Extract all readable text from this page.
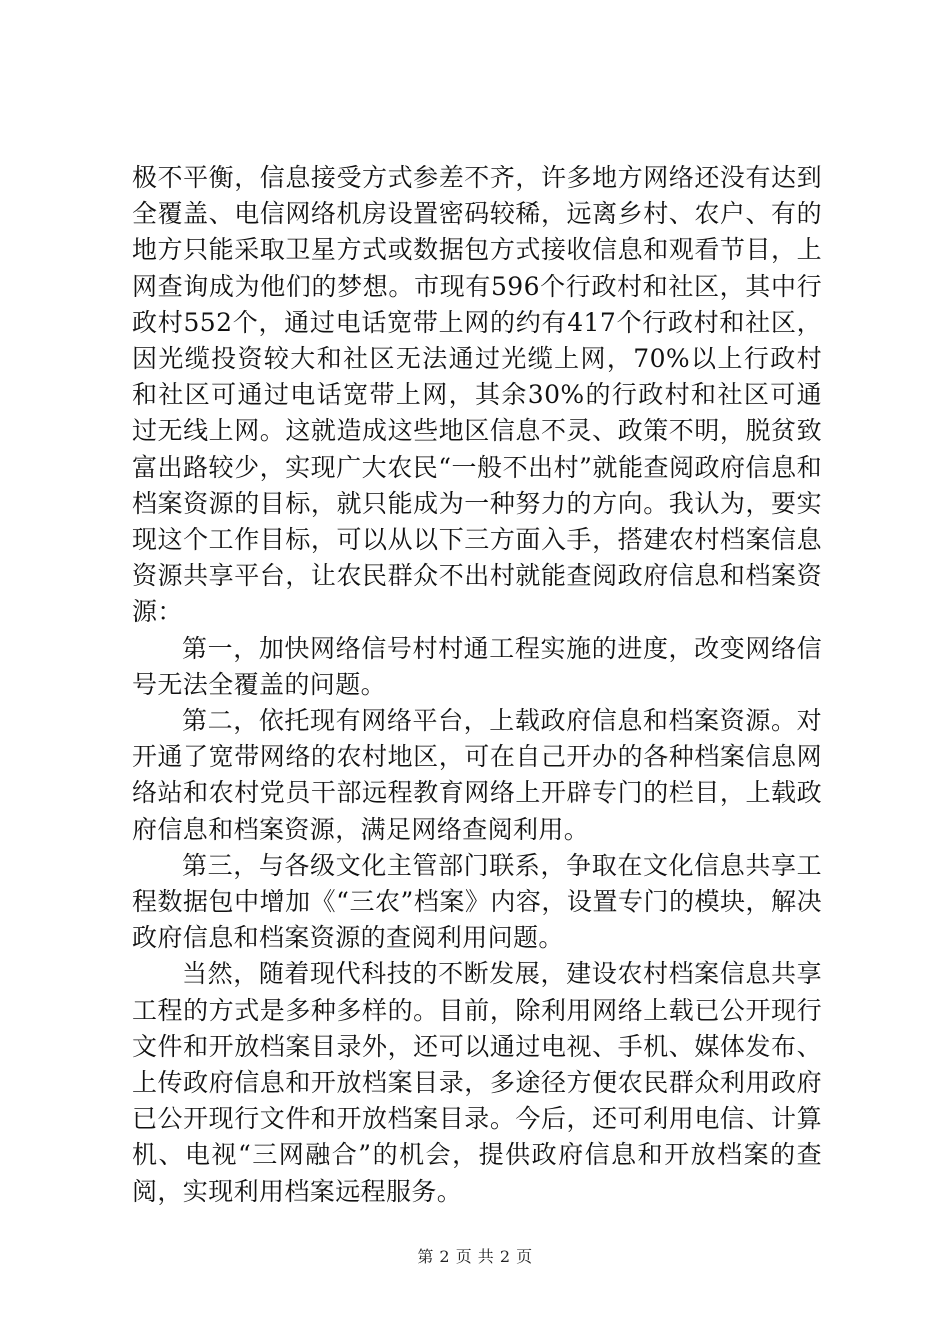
极不平衡，信息接受方式参差不齐，许多地方网络还没有达到全覆盖、电信网络机房设置密码较稀，远离乡村、农户、有的地方只能采取卫星方式或数据包方式接收信息和观看节目，上网查询成为他们的梦想。市现有596个行政村和社区，其中行政村552个，通过电话宽带上网的约有417个行政村和社区，因光缆投资较大和社区无法通过光缆上网，70%以上行政村和社区可通过电话宽带上网，其余30%的行政村和社区可通过无线上网。这就造成这些地区信息不灵、政策不明，脱贫致富出路较少，实现广大农民“一般不出村”就能查阅政府信息和档案资源的目标，就只能成为一种努力的方向。我认为，要实现这个工作目标，可以从以下三方面入手，搭建农村档案信息资源共享平台，让农民群众不出村就能查阅政府信息和档案资源：

第一，加快网络信号村村通工程实施的进度，改变网络信号无法全覆盖的问题。

第二，依托现有网络平台，上载政府信息和档案资源。对开通了宽带网络的农村地区，可在自己开办的各种档案信息网络站和农村党员干部远程教育网络上开辟专门的栏目，上载政府信息和档案资源，满足网络查阅利用。

第三，与各级文化主管部门联系，争取在文化信息共享工程数据包中增加《“三农”档案》内容，设置专门的模块，解决政府信息和档案资源的查阅利用问题。

当然，随着现代科技的不断发展，建设农村档案信息共享工程的方式是多种多样的。目前，除利用网络上载已公开现行文件和开放档案目录外，还可以通过电视、手机、媒体发布、上传政府信息和开放档案目录，多途径方便农民群众利用政府已公开现行文件和开放档案目录。今后，还可利用电信、计算机、电视“三网融合”的机会，提供政府信息和开放档案的查阅，实现利用档案远程服务。

第 2 页 共 2 页
